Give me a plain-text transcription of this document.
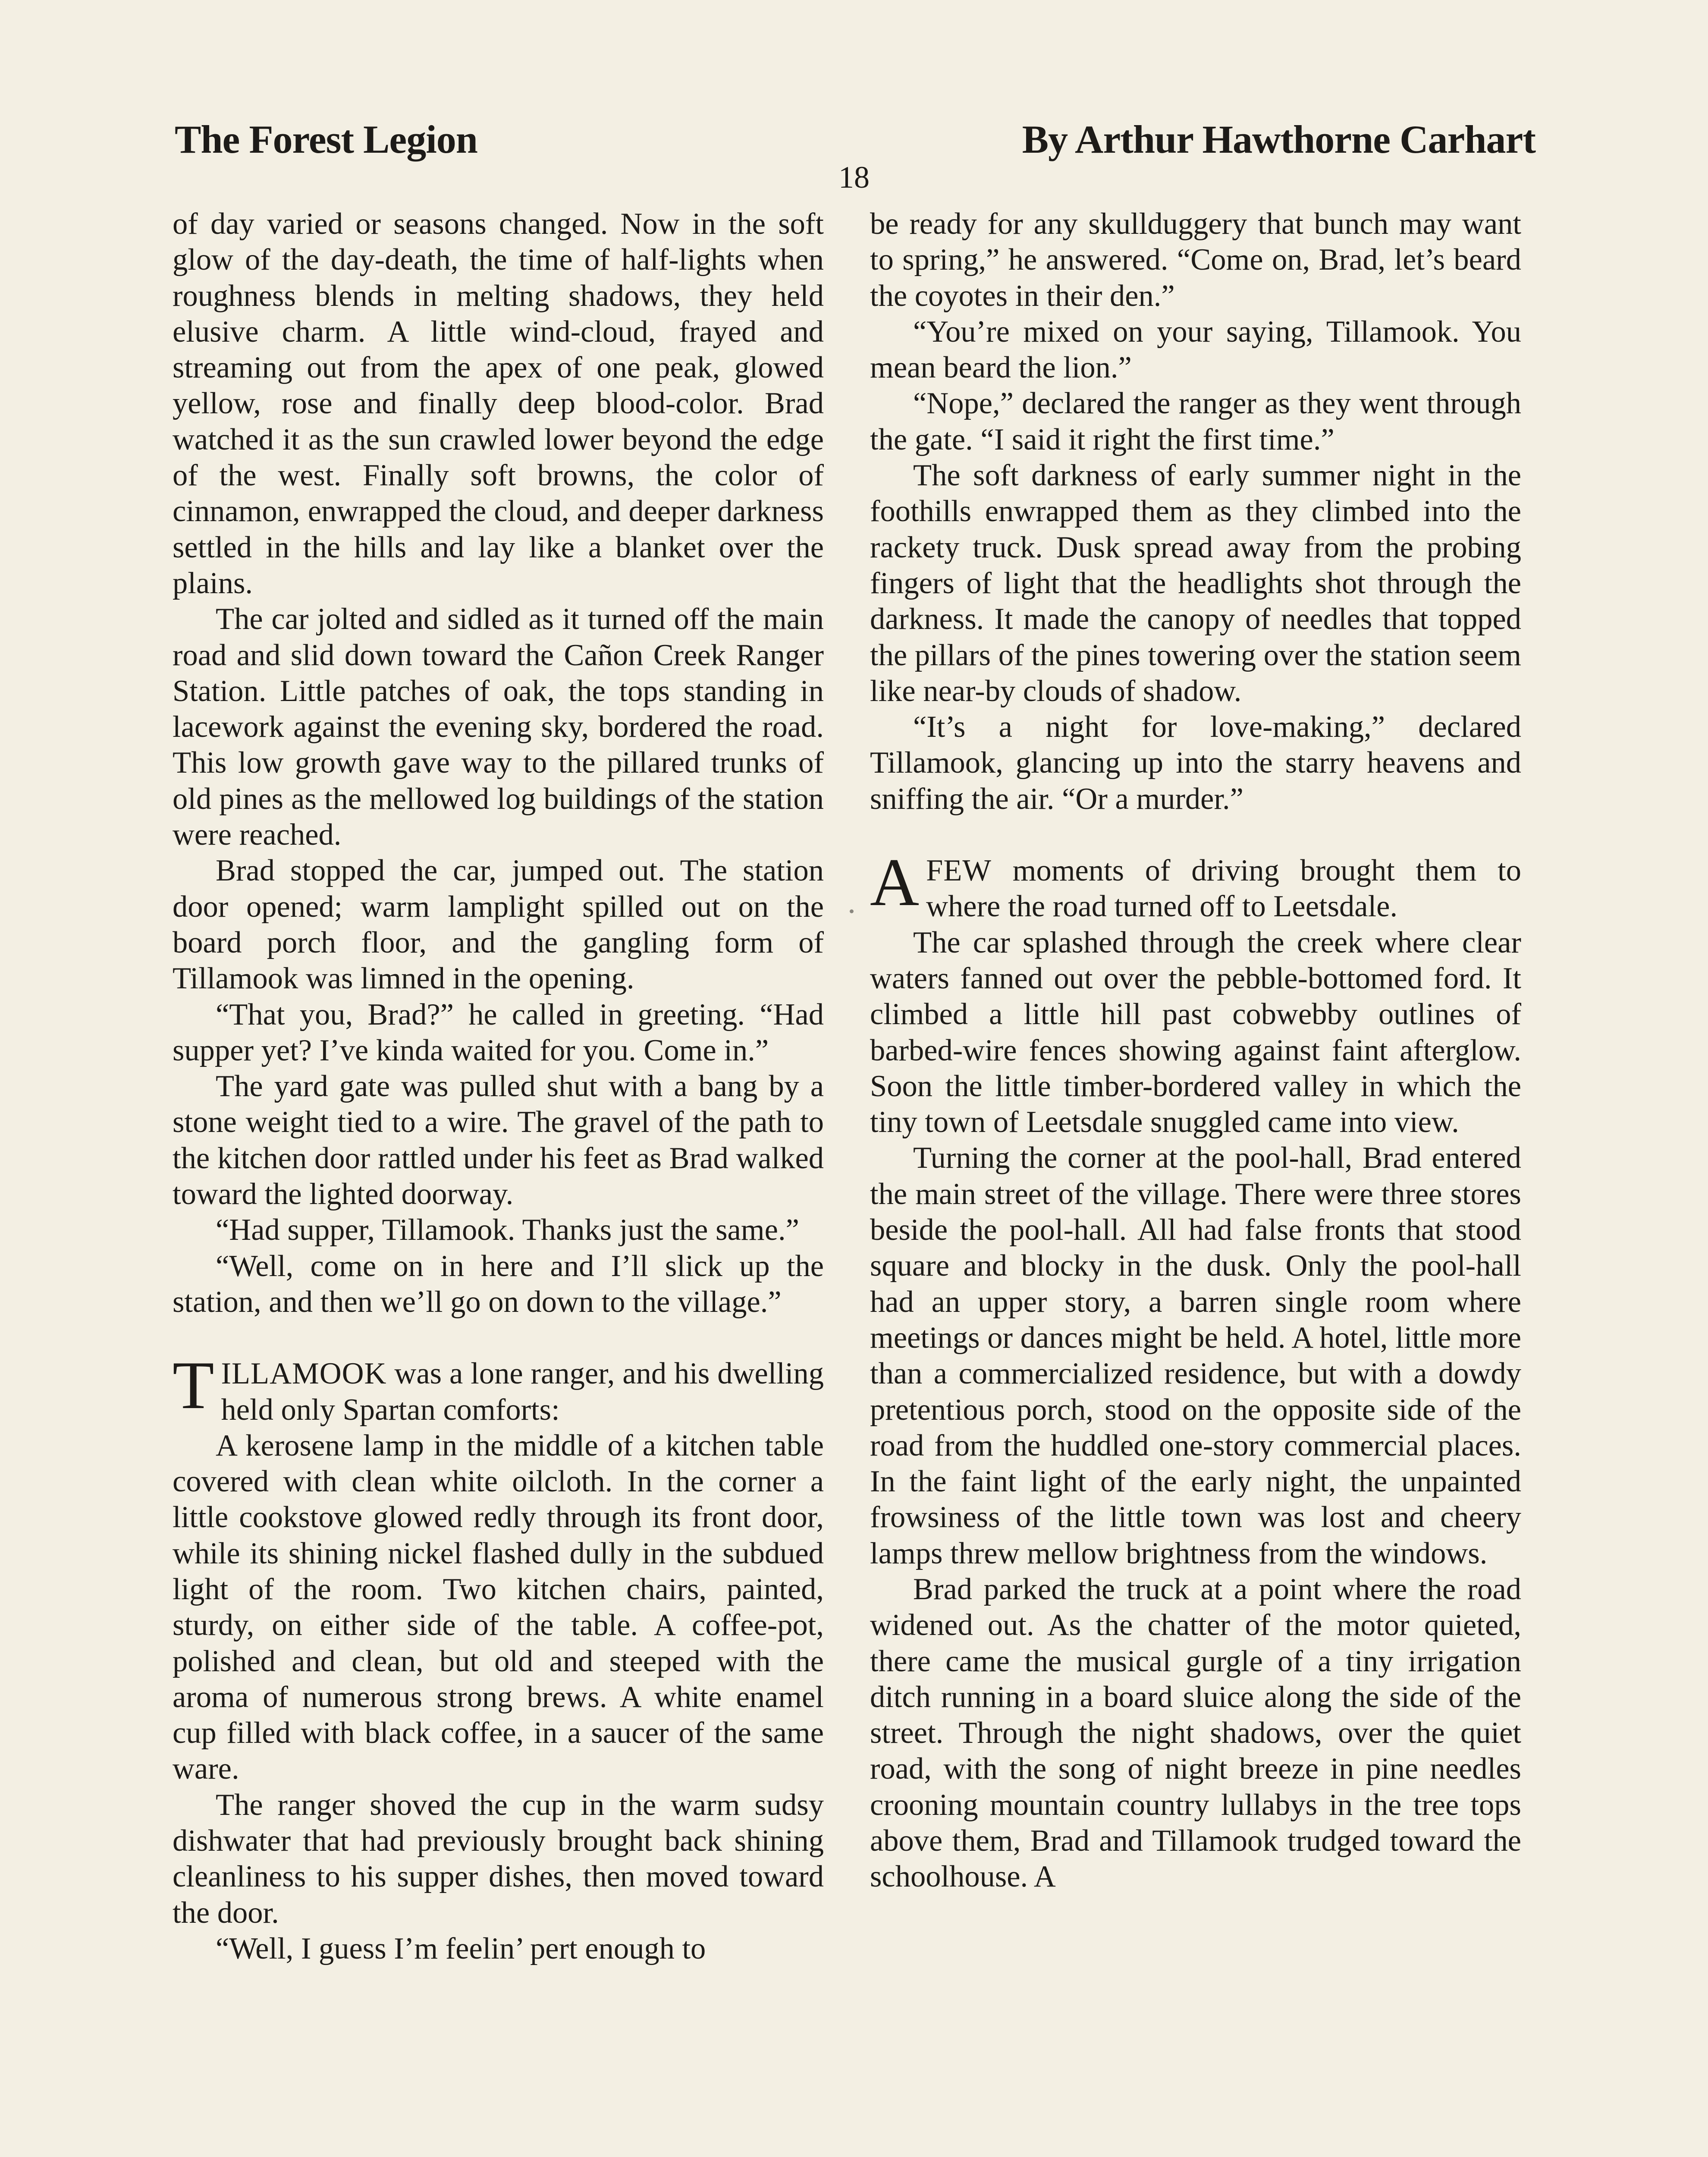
The Forest Legion	By Arthur Hawthorne Carhart
18

of day varied or seasons changed. Now in the soft glow of the day-death, the time of half-lights when roughness blends in melting shadows, they held elusive charm. A little wind-cloud, frayed and streaming out from the apex of one peak, glowed yellow, rose and finally deep blood-color. Brad watched it as the sun crawled lower beyond the edge of the west. Finally soft browns, the color of cinnamon, enwrapped the cloud, and deeper darkness settled in the hills and lay like a blanket over the plains.

The car jolted and sidled as it turned off the main road and slid down toward the Cañon Creek Ranger Station. Little patches of oak, the tops standing in lacework against the evening sky, bordered the road. This low growth gave way to the pillared trunks of old pines as the mellowed log buildings of the station were reached.

Brad stopped the car, jumped out. The station door opened; warm lamplight spilled out on the board porch floor, and the gangling form of Tillamook was limned in the opening.

“That you, Brad?” he called in greeting. “Had supper yet? I’ve kinda waited for you. Come in.”

The yard gate was pulled shut with a bang by a stone weight tied to a wire. The gravel of the path to the kitchen door rattled under his feet as Brad walked toward the lighted doorway.

“Had supper, Tillamook. Thanks just the same.”

“Well, come on in here and I’ll slick up the station, and then we’ll go on down to the village.”

TILLAMOOK was a lone ranger, and his dwelling held only Spartan comforts:

A kerosene lamp in the middle of a kitchen table covered with clean white oilcloth. In the corner a little cookstove glowed redly through its front door, while its shining nickel flashed dully in the subdued light of the room. Two kitchen chairs, painted, sturdy, on either side of the table. A coffee-pot, polished and clean, but old and steeped with the aroma of numerous strong brews. A white enamel cup filled with black coffee, in a saucer of the same ware.

The ranger shoved the cup in the warm sudsy dishwater that had previously brought back shining cleanliness to his supper dishes, then moved toward the door.

“Well, I guess I’m feelin’ pert enough to

be ready for any skullduggery that bunch may want to spring,” he answered. “Come on, Brad, let’s beard the coyotes in their den.”

“You’re mixed on your saying, Tillamook. You mean beard the lion.”

“Nope,” declared the ranger as they went through the gate. “I said it right the first time.”

The soft darkness of early summer night in the foothills enwrapped them as they climbed into the rackety truck. Dusk spread away from the probing fingers of light that the headlights shot through the darkness. It made the canopy of needles that topped the pillars of the pines towering over the station seem like near-by clouds of shadow.

“It’s a night for love-making,” declared Tillamook, glancing up into the starry heavens and sniffing the air. “Or a murder.”

AFEW moments of driving brought them to where the road turned off to Leetsdale.

The car splashed through the creek where clear waters fanned out over the pebble-bottomed ford. It climbed a little hill past cobwebby outlines of barbed-wire fences showing against faint afterglow. Soon the little timber-bordered valley in which the tiny town of Leetsdale snuggled came into view.

Turning the corner at the pool-hall, Brad entered the main street of the village. There were three stores beside the pool-hall. All had false fronts that stood square and blocky in the dusk. Only the pool-hall had an upper story, a barren single room where meetings or dances might be held. A hotel, little more than a commercialized residence, but with a dowdy pretentious porch, stood on the opposite side of the road from the huddled one-story commercial places. In the faint light of the early night, the unpainted frowsiness of the little town was lost and cheery lamps threw mellow brightness from the windows.

Brad parked the truck at a point where the road widened out. As the chatter of the motor quieted, there came the musical gurgle of a tiny irrigation ditch running in a board sluice along the side of the street. Through the night shadows, over the quiet road, with the song of night breeze in pine needles crooning mountain country lullabys in the tree tops above them, Brad and Tillamook trudged toward the schoolhouse. A
